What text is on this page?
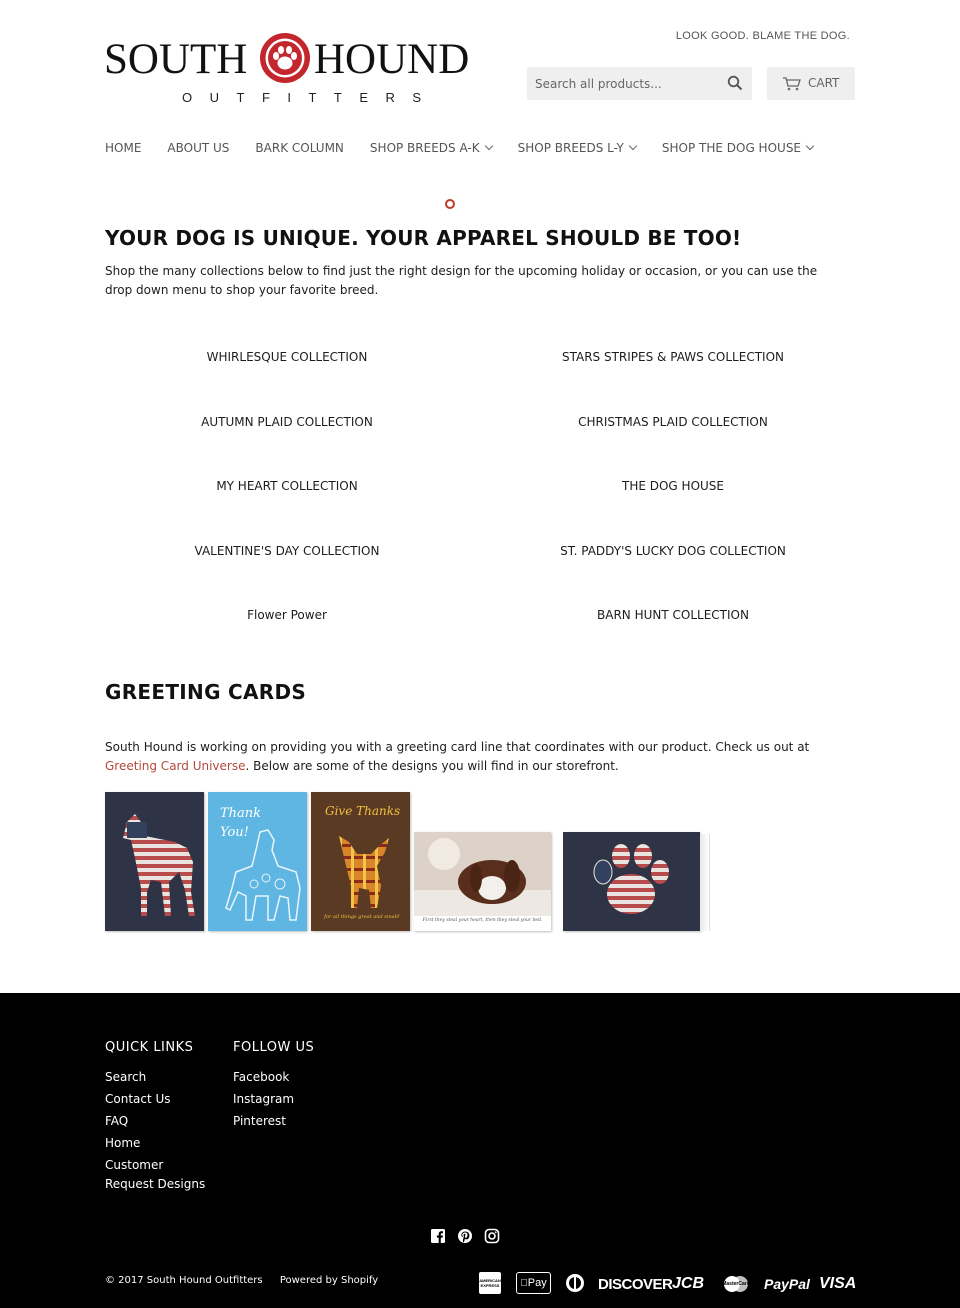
SOUTH HOUND
OUTFITTERS
LOOK GOOD. BLAME THE DOG.
Search all products...
CART
HOME ABOUT US BARK COLUMN SHOP BREEDS A-K	SHOP BREEDS L-Y	SHOP THE DOG HOUSE
YOUR DOG IS UNIQUE. YOUR APPAREL SHOULD BE TOO!

Shop the many collections below to find just the right design for the upcoming holiday or occasion, or you can use the drop down menu to shop your favorite breed.

WHIRLESQUE COLLECTION	STARS STRIPES & PAWS COLLECTION
AUTUMN PLAID COLLECTION	CHRISTMAS PLAID COLLECTION
MY HEART COLLECTION	THE DOG HOUSE
VALENTINE'S DAY COLLECTION	ST. PADDY'S LUCKY DOG COLLECTION
Flower Power	BARN HUNT COLLECTION
GREETING CARDS

South Hound is working on providing you with a greeting card line that coordinates with our product. Check us out at Greeting Card Universe. Below are some of the designs you will find in our storefront.

Thank You!
Give Thanks
for all things great and small!
First they steal your heart, then they steal your bed.
QUICK LINKS
Search
Contact Us
FAQ
Home
Customer
Request Designs
FOLLOW US
Facebook
Instagram
Pinterest
© 2017 South Hound Outfitters Powered by Shopify	AMERICAN EXPRESS	Pay	DISCOVER JCB	MasterCard PayPal VISA
